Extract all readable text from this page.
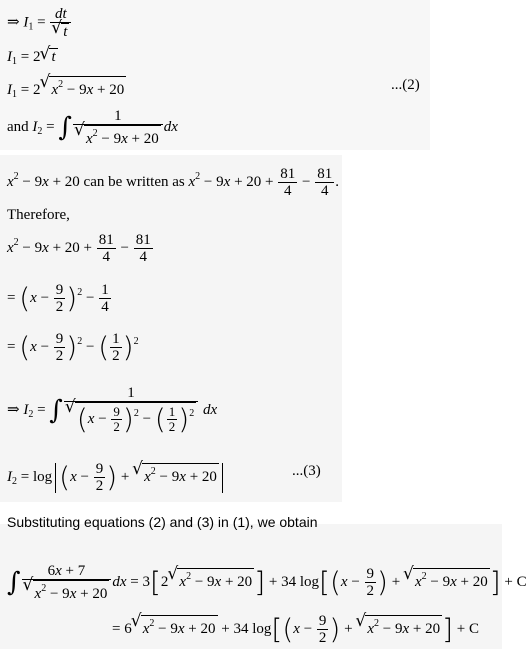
⇒ $I_1$ = dt
√ t
$I_1 = 2√$ t
$I_1 = 2√$ $x^2 - 9x + 20$	...(2)
and $I_2$ = ∫ 1
√ $x^2 - 9x + 20$ dx
$x^2 - 9x + 20$ can be written as $x^2 - 9x + 20 + \frac{81}{4} - \frac{81}{4}$ .
Therefore,
$x^2 - 9x + 20 + \frac{81}{4} - \frac{81}{4}$
= $(x - \frac{9}{2} )^2 - \frac{1}{4}$
= $(x - \frac{9}{2} )^2$ − ( $\frac{1}{2} )^2$
⇒ $I_2$ = ∫ 1
√ $(x - \frac{9}{2} )^2$ − ( $\frac{1}{2} )^2$ dx
$I_2 = \log (x - \frac{9}{2}$ ) + √ $x^2 - 9x + 20$	...(3)
Substituting equations (2) and (3) in (1), we obtain
∫ 6x + 7
√ $x^2 - 9x + 20$ dx = 3[2√ $x^2 - 9x + 20] + 34$ $\log[(x - \frac{9}{2}$ ) + √ $x^2 - 9x + 20] + C$
= 6√ $x^2 - 9x + 20 + 34$ $\log[(x - \frac{9}{2}$ ) + √ $x^2 - 9x + 20] + C$
